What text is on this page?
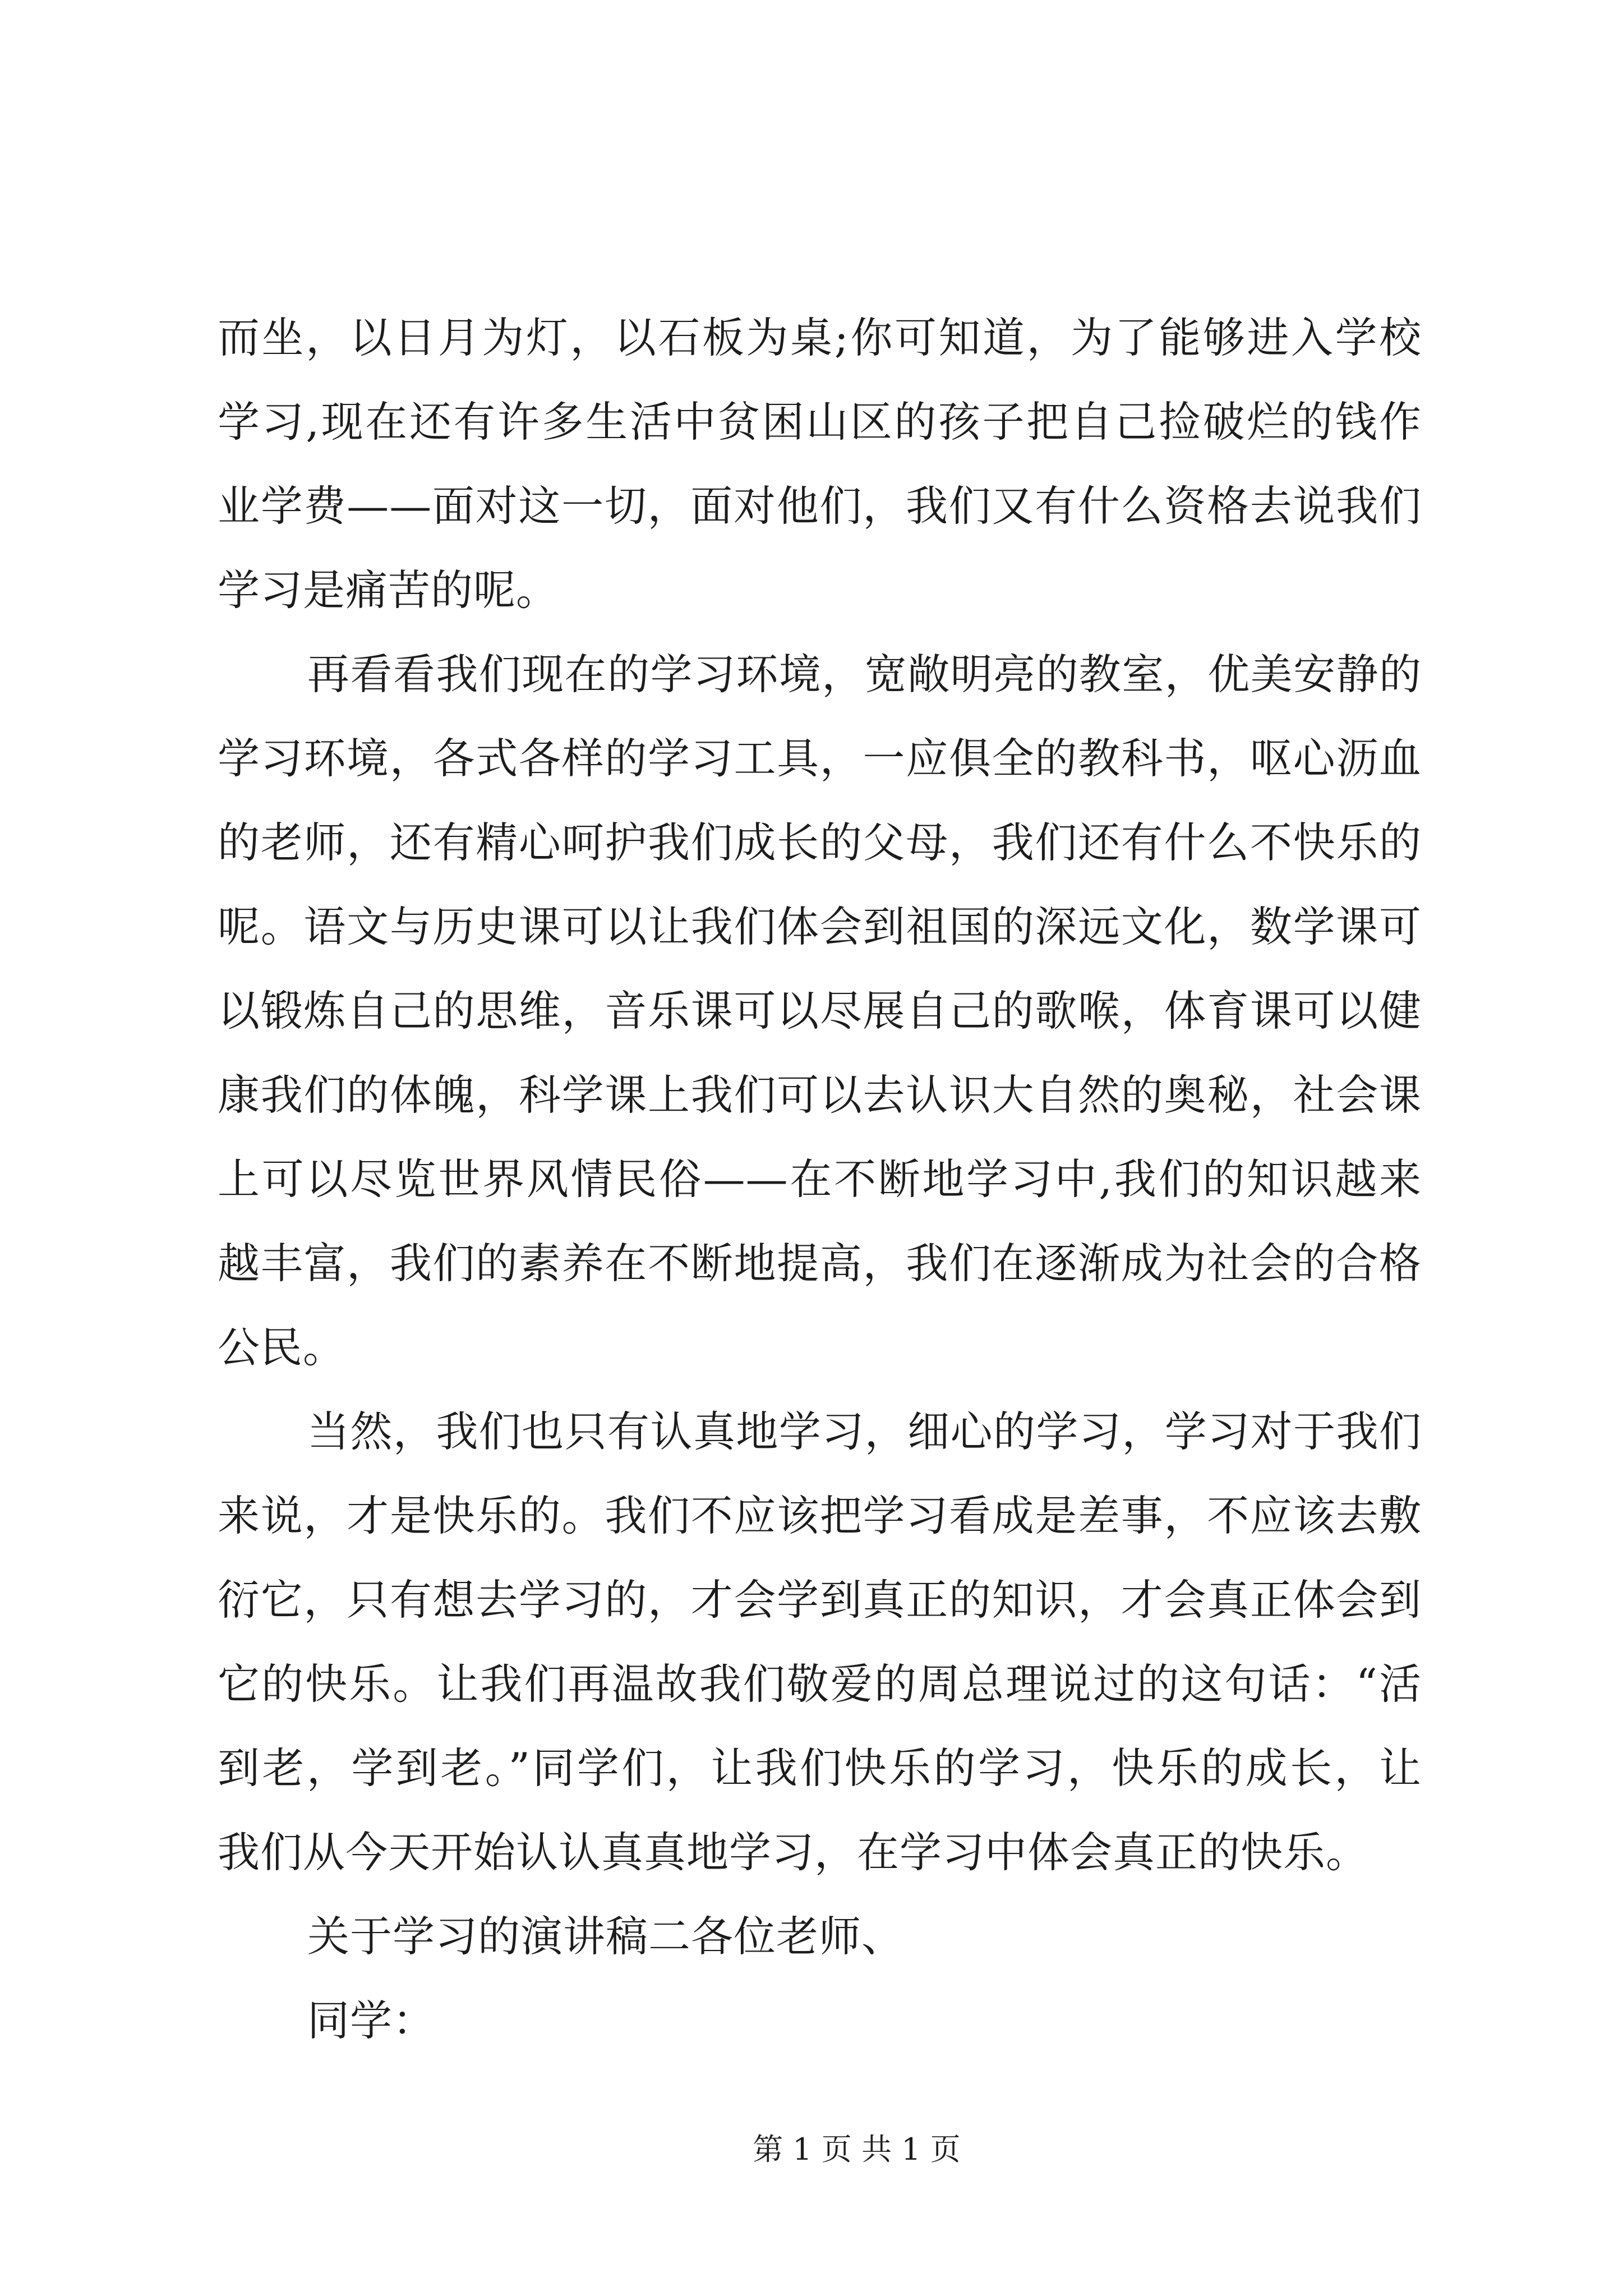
而坐，以日月为灯，以石板为桌;你可知道，为了能够进入学校
学习,现在还有许多生活中贫困山区的孩子把自己捡破烂的钱作
业学费——面对这一切，面对他们，我们又有什么资格去说我们
学习是痛苦的呢。
再看看我们现在的学习环境，宽敞明亮的教室，优美安静的
学习环境，各式各样的学习工具，一应俱全的教科书，呕心沥血
的老师，还有精心呵护我们成长的父母，我们还有什么不快乐的
呢。语文与历史课可以让我们体会到祖国的深远文化，数学课可
以锻炼自己的思维，音乐课可以尽展自己的歌喉，体育课可以健
康我们的体魄，科学课上我们可以去认识大自然的奥秘，社会课
上可以尽览世界风情民俗——在不断地学习中,我们的知识越来
越丰富，我们的素养在不断地提高，我们在逐渐成为社会的合格
公民。
当然，我们也只有认真地学习，细心的学习，学习对于我们
来说，才是快乐的。我们不应该把学习看成是差事，不应该去敷
衍它，只有想去学习的，才会学到真正的知识，才会真正体会到
它的快乐。让我们再温故我们敬爱的周总理说过的这句话：“活
到老，学到老。”同学们，让我们快乐的学习，快乐的成长，让
我们从今天开始认认真真地学习，在学习中体会真正的快乐。
关于学习的演讲稿二各位老师、
同学：
第 1 页 共 1 页
